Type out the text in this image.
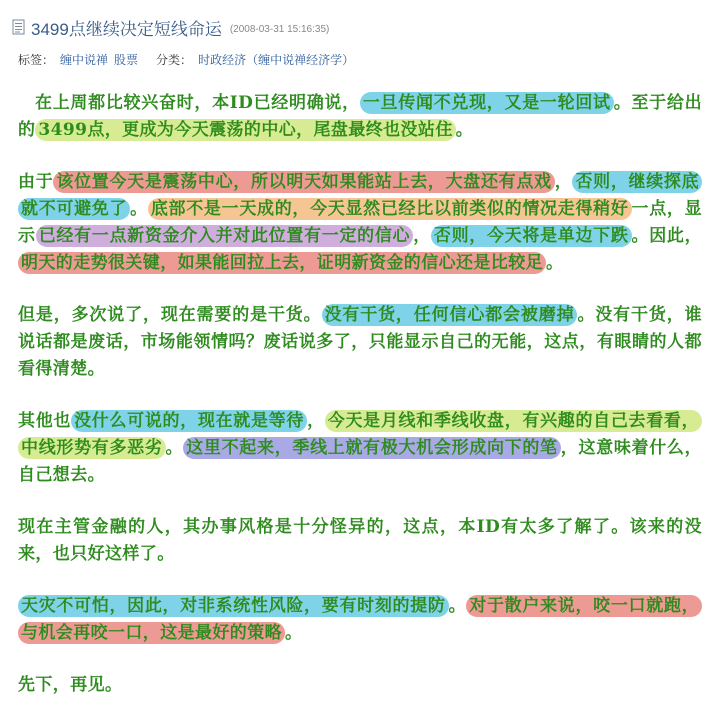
3499点继续决定短线命运 (2008-03-31 15:16:35)
标签： 缠中说禅 股票 分类： 时政经济（缠中说禅经济学）

在上周都比较兴奋时，本ID已经明确说， 一旦传闻不兑现，又是一轮回试 。至于给出的 3499点，更成为今天震荡的中心，尾盘最终也没站住 。

由于 该位置今天是震荡中心，所以明天如果能站上去，大盘还有点戏 ， 否则，继续探底就不可避免了 。 底部不是一天成的，今天显然已经比以前类似的情况走得稍好 一点，显示 已经有一点新资金介入并对此位置有一定的信心 ， 否则，今天将是单边下跌 。因此，明天的走势很关键，如果能回拉上去，证明新资金的信心还是比较足 。

但是，多次说了，现在需要的是干货。 没有干货，任何信心都会被磨掉 。没有干货，谁说话都是废话，市场能领情吗？废话说多了，只能显示自己的无能，这点，有眼睛的人都看得清楚。

其他也 没什么可说的，现在就是等待 ， 今天是月线和季线收盘，有兴趣的自己去看看，中线形势有多恶劣 。 这里不起来，季线上就有极大机会形成向下的笔 ，这意味着什么，自己想去。

现在主管金融的人，其办事风格是十分怪异的，这点，本ID有太多了解了。该来的没来，也只好这样了。

天灾不可怕，因此，对非系统性风险，要有时刻的提防 。 对于散户来说，咬一口就跑，与机会再咬一口，这是最好的策略 。

先下，再见。
